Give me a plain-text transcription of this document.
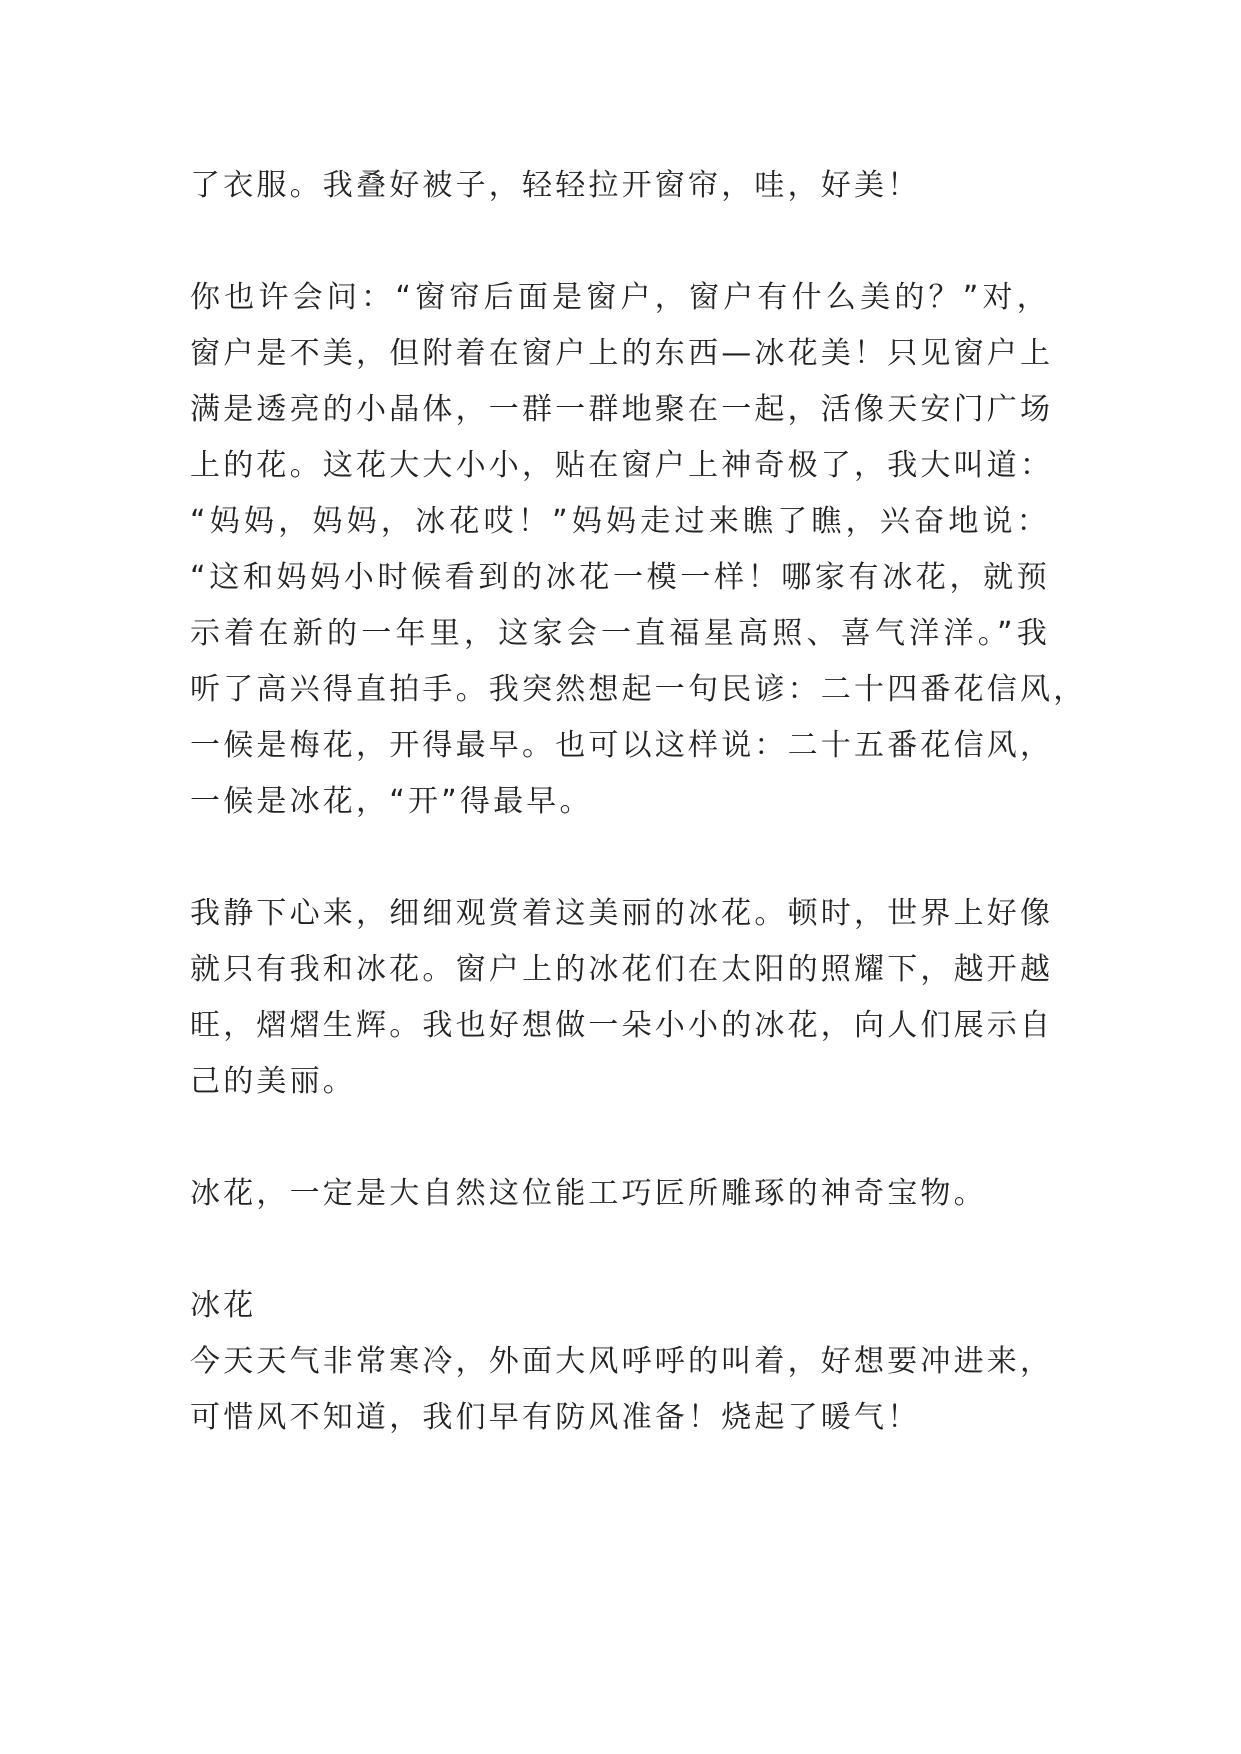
了衣服。我叠好被子，轻轻拉开窗帘，哇，好美！
你也许会问：“窗帘后面是窗户，窗户有什么美的？”对，
窗户是不美，但附着在窗户上的东西—冰花美！只见窗户上
满是透亮的小晶体，一群一群地聚在一起，活像天安门广场
上的花。这花大大小小，贴在窗户上神奇极了，我大叫道：
“妈妈，妈妈，冰花哎！”妈妈走过来瞧了瞧，兴奋地说：
“这和妈妈小时候看到的冰花一模一样！哪家有冰花，就预
示着在新的一年里，这家会一直福星高照、喜气洋洋。”我
听了高兴得直拍手。我突然想起一句民谚：二十四番花信风，
一候是梅花，开得最早。也可以这样说：二十五番花信风，
一候是冰花，“开”得最早。
我静下心来，细细观赏着这美丽的冰花。顿时，世界上好像
就只有我和冰花。窗户上的冰花们在太阳的照耀下，越开越
旺，熠熠生辉。我也好想做一朵小小的冰花，向人们展示自
己的美丽。
冰花，一定是大自然这位能工巧匠所雕琢的神奇宝物。
冰花
今天天气非常寒冷，外面大风呼呼的叫着，好想要冲进来，
可惜风不知道，我们早有防风准备！烧起了暖气！
